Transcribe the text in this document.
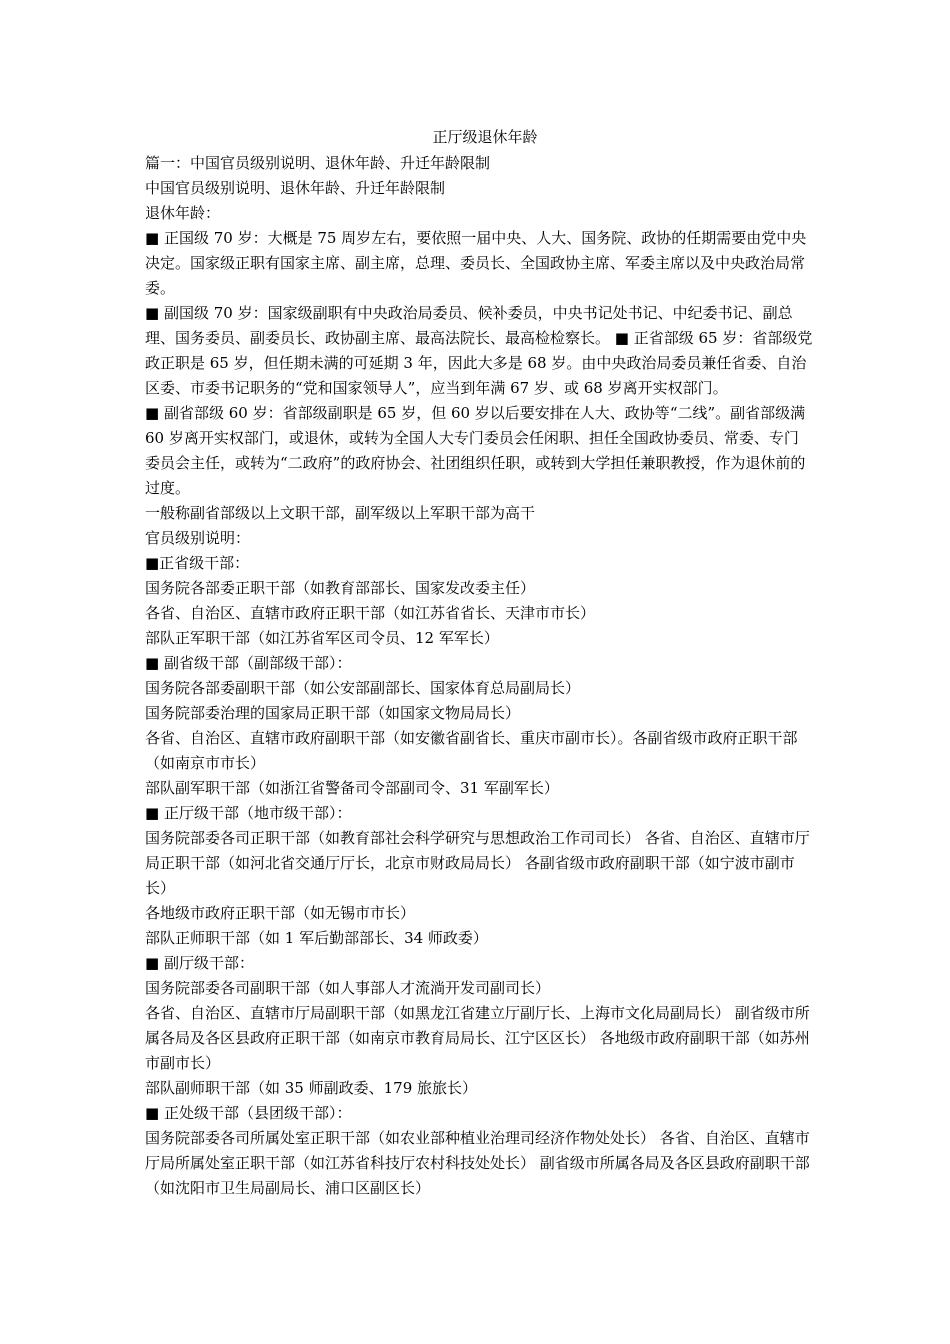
正厅级退休年龄

篇一：中国官员级别说明、退休年龄、升迁年龄限制

中国官员级别说明、退休年龄、升迁年龄限制

退休年龄：

■ 正国级 70 岁：大概是 75 周岁左右，要依照一届中央、人大、国务院、政协的任期需要由党中央决定。国家级正职有国家主席、副主席，总理、委员长、全国政协主席、军委主席以及中央政治局常委。

■ 副国级 70 岁：国家级副职有中央政治局委员、候补委员，中央书记处书记、中纪委书记、副总理、国务委员、副委员长、政协副主席、最高法院长、最高检检察长。 ■ 正省部级 65 岁：省部级党政正职是 65 岁，但任期未满的可延期 3 年，因此大多是 68 岁。由中央政治局委员兼任省委、自治区委、市委书记职务的“党和国家领导人”，应当到年满 67 岁、或 68 岁离开实权部门。

■ 副省部级 60 岁：省部级副职是 65 岁，但 60 岁以后要安排在人大、政协等“二线”。副省部级满 60 岁离开实权部门，或退休，或转为全国人大专门委员会任闲职、担任全国政协委员、常委、专门委员会主任，或转为“二政府”的政府协会、社团组织任职，或转到大学担任兼职教授，作为退休前的过度。

一般称副省部级以上文职干部，副军级以上军职干部为高干

官员级别说明：

■正省级干部：

国务院各部委正职干部（如教育部部长、国家发改委主任）

各省、自治区、直辖市政府正职干部（如江苏省省长、天津市市长）

部队正军职干部（如江苏省军区司令员、12 军军长）

■ 副省级干部（副部级干部）：

国务院各部委副职干部（如公安部副部长、国家体育总局副局长）

国务院部委治理的国家局正职干部（如国家文物局局长）

各省、自治区、直辖市政府副职干部（如安徽省副省长、重庆市副市长）。各副省级市政府正职干部（如南京市市长）

部队副军职干部（如浙江省警备司令部副司令、31 军副军长）

■ 正厅级干部（地市级干部）：

国务院部委各司正职干部（如教育部社会科学研究与思想政治工作司司长） 各省、自治区、直辖市厅局正职干部（如河北省交通厅厅长，北京市财政局局长） 各副省级市政府副职干部（如宁波市副市长）

各地级市政府正职干部（如无锡市市长）

部队正师职干部（如 1 军后勤部部长、34 师政委）

■ 副厅级干部：

国务院部委各司副职干部（如人事部人才流淌开发司副司长）

各省、自治区、直辖市厅局副职干部（如黑龙江省建立厅副厅长、上海市文化局副局长） 副省级市所属各局及各区县政府正职干部（如南京市教育局局长、江宁区区长） 各地级市政府副职干部（如苏州市副市长）

部队副师职干部（如 35 师副政委、179 旅旅长）

■ 正处级干部（县团级干部）：

国务院部委各司所属处室正职干部（如农业部种植业治理司经济作物处处长） 各省、自治区、直辖市厅局所属处室正职干部（如江苏省科技厅农村科技处处长） 副省级市所属各局及各区县政府副职干部（如沈阳市卫生局副局长、浦口区副区长）
